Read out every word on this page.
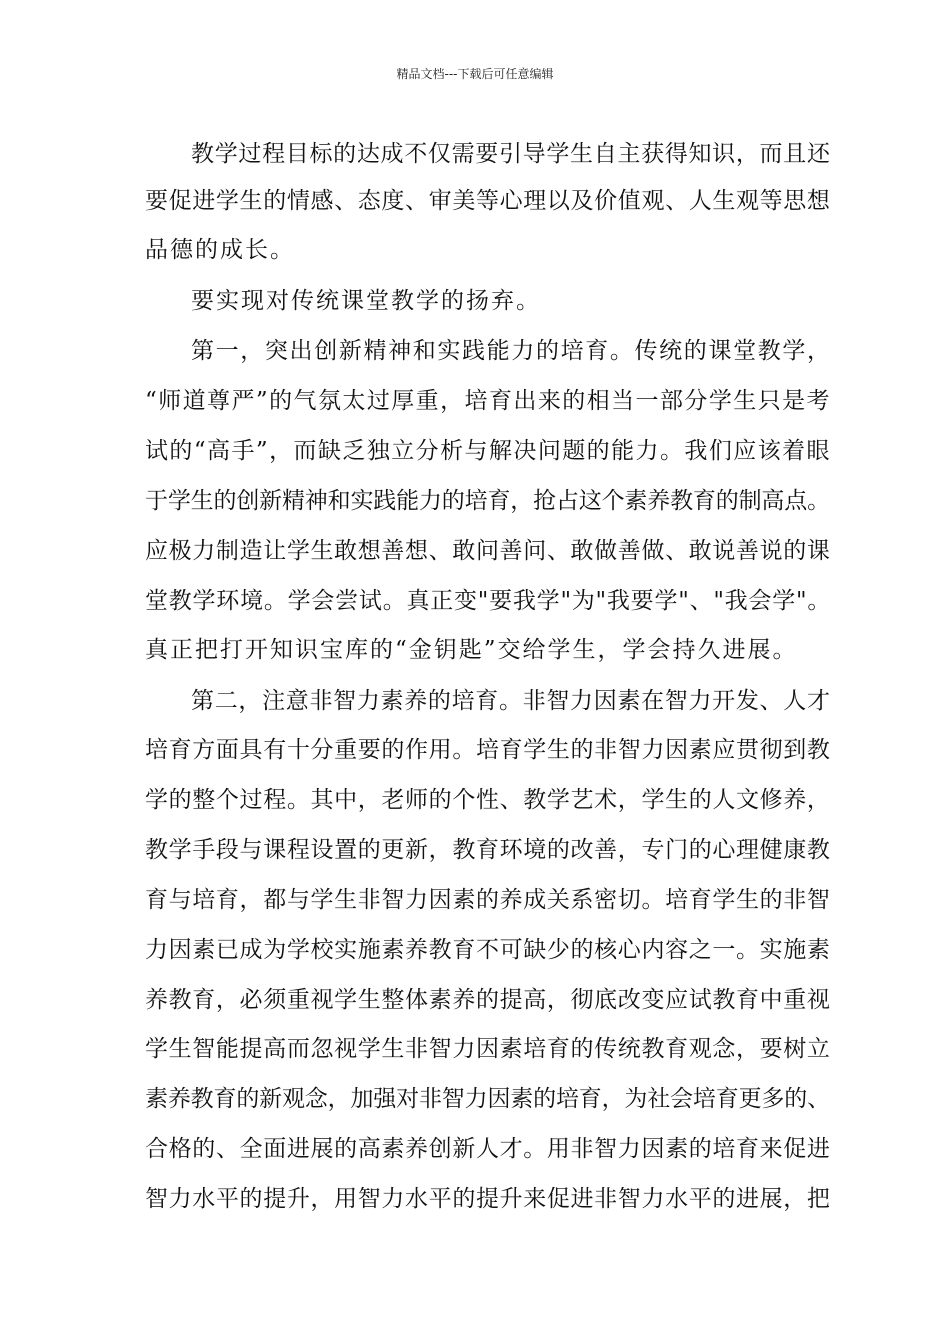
精品文档---下载后可任意编辑
教学过程目标的达成不仅需要引导学生自主获得知识，而且还
要促进学生的情感、态度、审美等心理以及价值观、人生观等思想
品德的成长。
要实现对传统课堂教学的扬弃。
第一，突出创新精神和实践能力的培育。传统的课堂教学，
“师道尊严”的气氛太过厚重，培育出来的相当一部分学生只是考
试的“高手”，而缺乏独立分析与解决问题的能力。我们应该着眼
于学生的创新精神和实践能力的培育，抢占这个素养教育的制高点。
应极力制造让学生敢想善想、敢问善问、敢做善做、敢说善说的课
堂教学环境。学会尝试。真正变"要我学"为"我要学"、"我会学"。
真正把打开知识宝库的“金钥匙”交给学生，学会持久进展。
第二，注意非智力素养的培育。非智力因素在智力开发、人才
培育方面具有十分重要的作用。培育学生的非智力因素应贯彻到教
学的整个过程。其中，老师的个性、教学艺术，学生的人文修养，
教学手段与课程设置的更新，教育环境的改善，专门的心理健康教
育与培育，都与学生非智力因素的养成关系密切。培育学生的非智
力因素已成为学校实施素养教育不可缺少的核心内容之一。实施素
养教育，必须重视学生整体素养的提高，彻底改变应试教育中重视
学生智能提高而忽视学生非智力因素培育的传统教育观念，要树立
素养教育的新观念，加强对非智力因素的培育，为社会培育更多的、
合格的、全面进展的高素养创新人才。用非智力因素的培育来促进
智力水平的提升，用智力水平的提升来促进非智力水平的进展，把
